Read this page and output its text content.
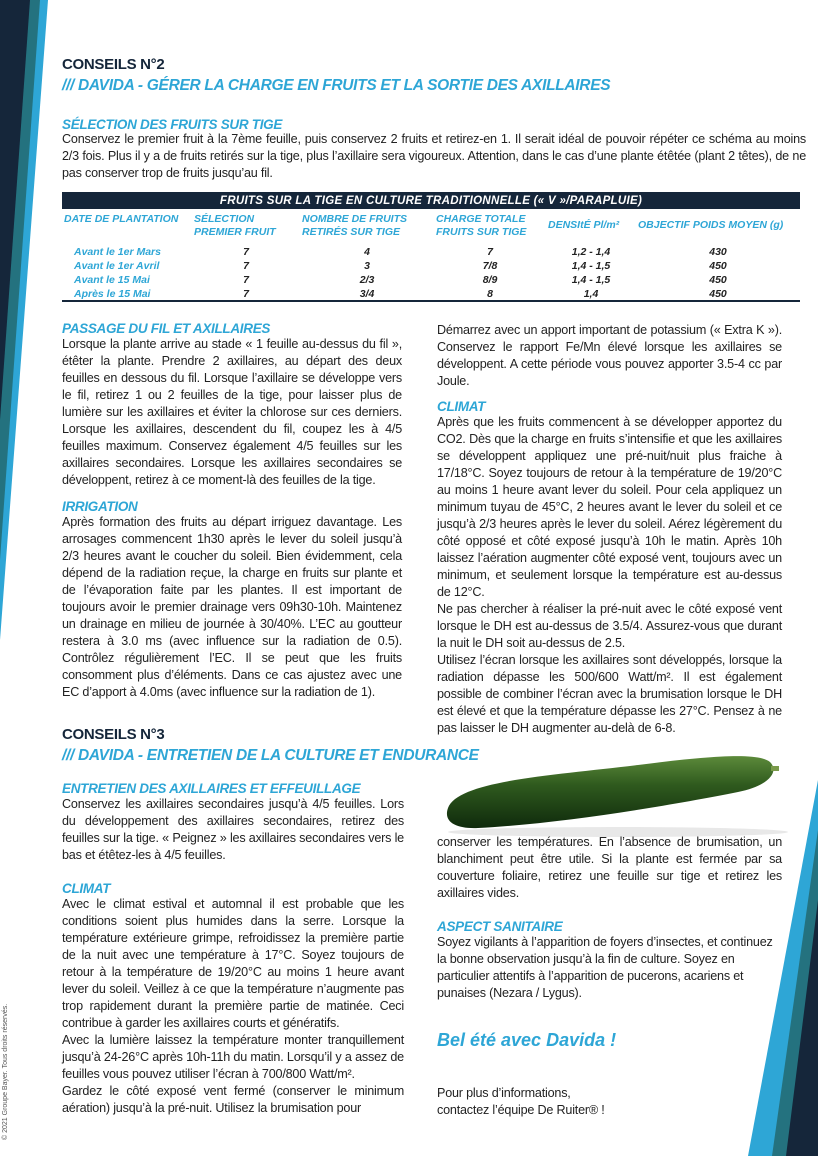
CONSEILS N°2
/// DAVIDA - GÉRER LA CHARGE EN FRUITS ET LA SORTIE DES AXILLAIRES
SÉLECTION DES FRUITS SUR TIGE
Conservez le premier fruit à la 7ème feuille, puis conservez 2 fruits et retirez-en 1. Il serait idéal de pouvoir répéter ce schéma au moins 2/3 fois. Plus il y a de fruits retirés sur la tige, plus l’axillaire sera vigoureux. Attention, dans le cas d’une plante étêtée (plant 2 têtes), de ne pas conserver trop de fruits jusqu’au fil.
FRUITS SUR LA TIGE EN CULTURE TRADITIONNELLE (« V »/PARAPLUIE)					
DATE DE PLANTATION	SÉLECTION PREMIER FRUIT	NOMBRE DE FRUITS RETIRÉS SUR TIGE	CHARGE TOTALE FRUITS SUR TIGE	DENSItÉ Pl/m²	OBJECTIF POIDS MOYEN (g)
Avant le 1er Mars	7	4	7	1,2 - 1,4	430
Avant le 1er Avril	7	3	7/8	1,4 - 1,5	450
Avant le 15 Mai	7	2/3	8/9	1,4 - 1,5	450
Après le 15 Mai	7	3/4	8	1,4	450
PASSAGE DU FIL ET AXILLAIRES
Lorsque la plante arrive au stade « 1 feuille au-dessus du fil », étêter la plante. Prendre 2 axillaires, au départ des deux feuilles en dessous du fil. Lorsque l’axillaire se développe vers le fil, retirez 1 ou 2 feuilles de la tige, pour laisser plus de lumière sur les axillaires et éviter la chlorose sur ces derniers. Lorsque les axillaires, descendent du fil, coupez les à 4/5 feuilles maximum. Conservez également 4/5 feuilles sur les axillaires secondaires. Lorsque les axillaires secondaires se développent, retirez à ce moment-là des feuilles de la tige.
IRRIGATION
Après formation des fruits au départ irriguez davantage. Les arrosages commencent 1h30 après le lever du soleil jusqu’à 2/3 heures avant le coucher du soleil. Bien évidemment, cela dépend de la radiation reçue, la charge en fruits sur plante et de l’évaporation faite par les plantes. Il est important de toujours avoir le premier drainage vers 09h30-10h. Maintenez un drainage en milieu de journée à 30/40%. L’EC au goutteur restera à 3.0 ms (avec influence sur la radiation de 0.5). Contrôlez régulièrement l’EC. Il se peut que les fruits consomment plus d’éléments. Dans ce cas ajustez avec une EC d’apport à 4.0ms (avec influence sur la radiation de 1).
Démarrez avec un apport important de potassium (« Extra K »). Conservez le rapport Fe/Mn élevé lorsque les axillaires se développent. A cette période vous pouvez apporter 3.5-4 cc par Joule.
CLIMAT
Après que les fruits commencent à se développer apportez du CO2. Dès que la charge en fruits s’intensifie et que les axillaires se développent appliquez une pré-nuit/nuit plus fraiche à 17/18°C. Soyez toujours de retour à la température de 19/20°C au moins 1 heure avant lever du soleil. Pour cela appliquez un minimum tuyau de 45°C, 2 heures avant le lever du soleil et ce jusqu’à 2/3 heures après le lever du soleil. Aérez légèrement du côté opposé et côté exposé jusqu’à 10h le matin. Après 10h laissez l’aération augmenter côté exposé vent, toujours avec un minimum, et seulement lorsque la température est au-dessus de 12°C.
Ne pas chercher à réaliser la pré-nuit avec le côté exposé vent lorsque le DH est au-dessus de 3.5/4. Assurez-vous que durant la nuit le DH soit au-dessus de 2.5.
Utilisez l’écran lorsque les axillaires sont développés, lorsque la radiation dépasse les 500/600 Watt/m². Il est également possible de combiner l’écran avec la brumisation lorsque le DH est élevé et que la température dépasse les 27°C. Pensez à ne pas laisser le DH augmenter au-delà de 6-8.
CONSEILS N°3
/// DAVIDA - ENTRETIEN DE LA CULTURE ET ENDURANCE
ENTRETIEN DES AXILLAIRES ET EFFEUILLAGE
Conservez les axillaires secondaires jusqu’à 4/5 feuilles. Lors du développement des axillaires secondaires, retirez des feuilles sur la tige. « Peignez » les axillaires secondaires vers le bas et étêtez-les à 4/5 feuilles.
CLIMAT
Avec le climat estival et automnal il est probable que les conditions soient plus humides dans la serre. Lorsque la température extérieure grimpe, refroidissez la première partie de la nuit avec une température à 17°C. Soyez toujours de retour à la température de 19/20°C au moins 1 heure avant lever du soleil. Veillez à ce que la température n’augmente pas trop rapidement durant la première partie de matinée. Ceci contribue à garder les axillaires courts et génératifs.
Avec la lumière laissez la température monter tranquillement jusqu’à 24-26°C après 10h-11h du matin. Lorsqu’il y a assez de feuilles vous pouvez utiliser l’écran à 700/800 Watt/m².
Gardez le côté exposé vent fermé (conserver le minimum aération) jusqu’à la pré-nuit. Utilisez la brumisation pour
conserver les températures. En l’absence de brumisation, un blanchiment peut être utile. Si la plante est fermée par sa couverture foliaire, retirez une feuille sur tige et retirez les axillaires vides.
ASPECT SANITAIRE
Soyez vigilants à l’apparition de foyers d’insectes, et continuez la bonne observation jusqu’à la fin de culture. Soyez en particulier attentifs à l’apparition de pucerons, acariens et punaises (Nezara / Lygus).
Bel été avec Davida !
Pour plus d’informations,
contactez l’équipe De Ruiter® !
© 2021 Groupe Bayer. Tous droits réservés.
